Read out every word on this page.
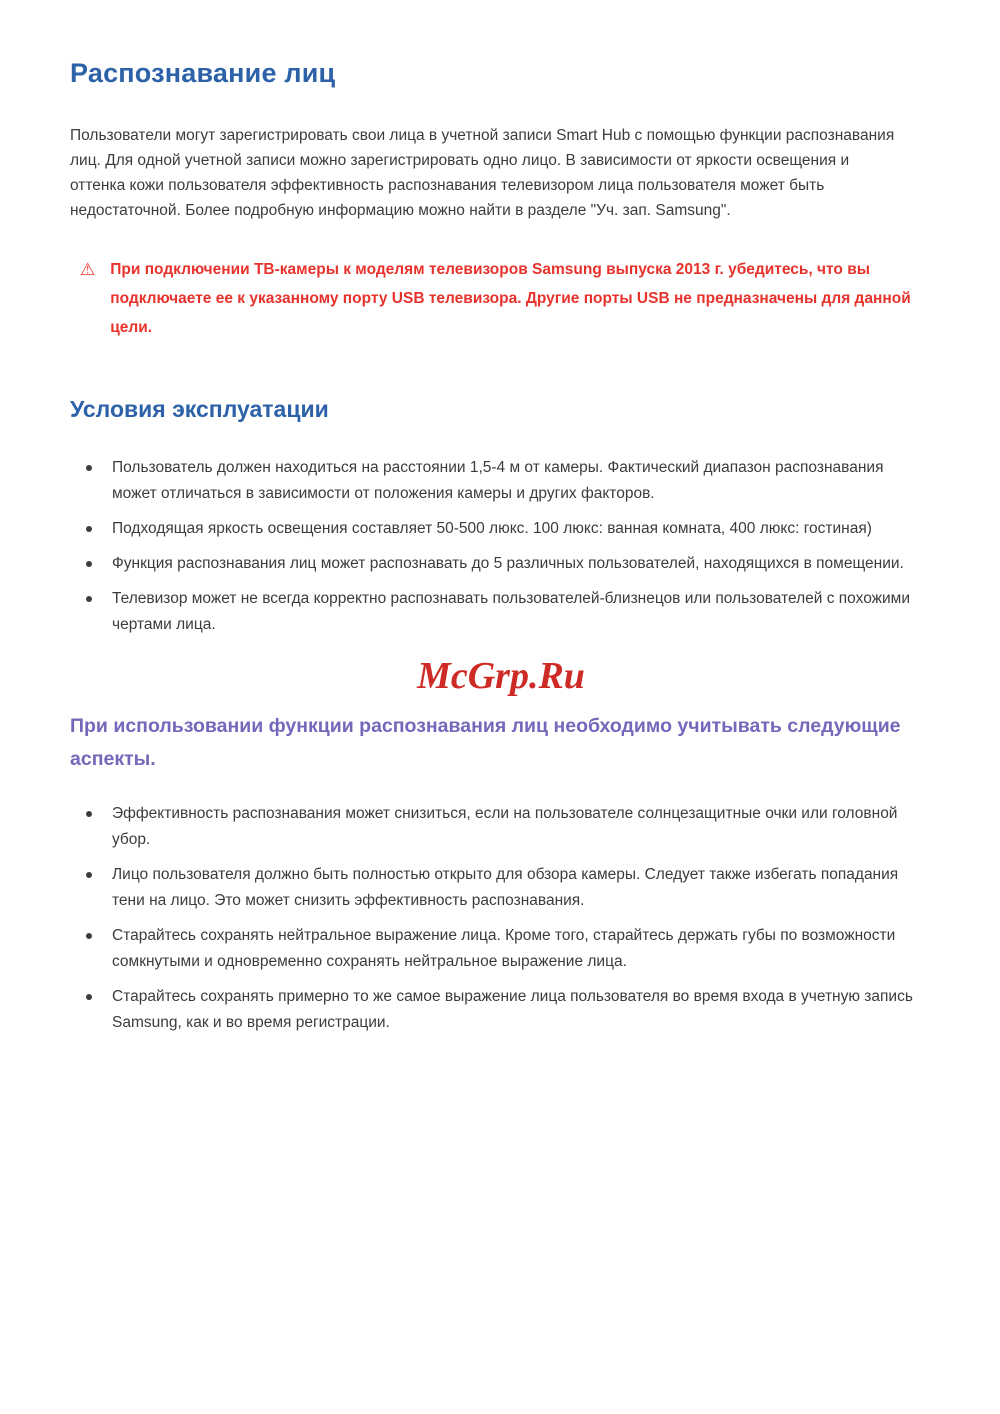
Распознавание лиц

Пользователи могут зарегистрировать свои лица в учетной записи Smart Hub с помощью функции распознавания лиц. Для одной учетной записи можно зарегистрировать одно лицо. В зависимости от яркости освещения и оттенка кожи пользователя эффективность распознавания телевизором лица пользователя может быть недостаточной. Более подробную информацию можно найти в разделе "Уч. зап. Samsung".

⚠ При подключении ТВ-камеры к моделям телевизоров Samsung выпуска 2013 г. убедитесь, что вы подключаете ее к указанному порту USB телевизора. Другие порты USB не предназначены для данной цели.

Условия эксплуатации
Пользователь должен находиться на расстоянии 1,5-4 м от камеры. Фактический диапазон распознавания может отличаться в зависимости от положения камеры и других факторов.
Подходящая яркость освещения составляет 50-500 люкс. 100 люкс: ванная комната, 400 люкс: гостиная)
Функция распознавания лиц может распознавать до 5 различных пользователей, находящихся в помещении.
Телевизор может не всегда корректно распознавать пользователей-близнецов или пользователей с похожими чертами лица.
McGrp.Ru
При использовании функции распознавания лиц необходимо учитывать следующие аспекты.
Эффективность распознавания может снизиться, если на пользователе солнцезащитные очки или головной убор.
Лицо пользователя должно быть полностью открыто для обзора камеры. Следует также избегать попадания тени на лицо. Это может снизить эффективность распознавания.
Старайтесь сохранять нейтральное выражение лица. Кроме того, старайтесь держать губы по возможности сомкнутыми и одновременно сохранять нейтральное выражение лица.
Старайтесь сохранять примерно то же самое выражение лица пользователя во время входа в учетную запись Samsung, как и во время регистрации.
